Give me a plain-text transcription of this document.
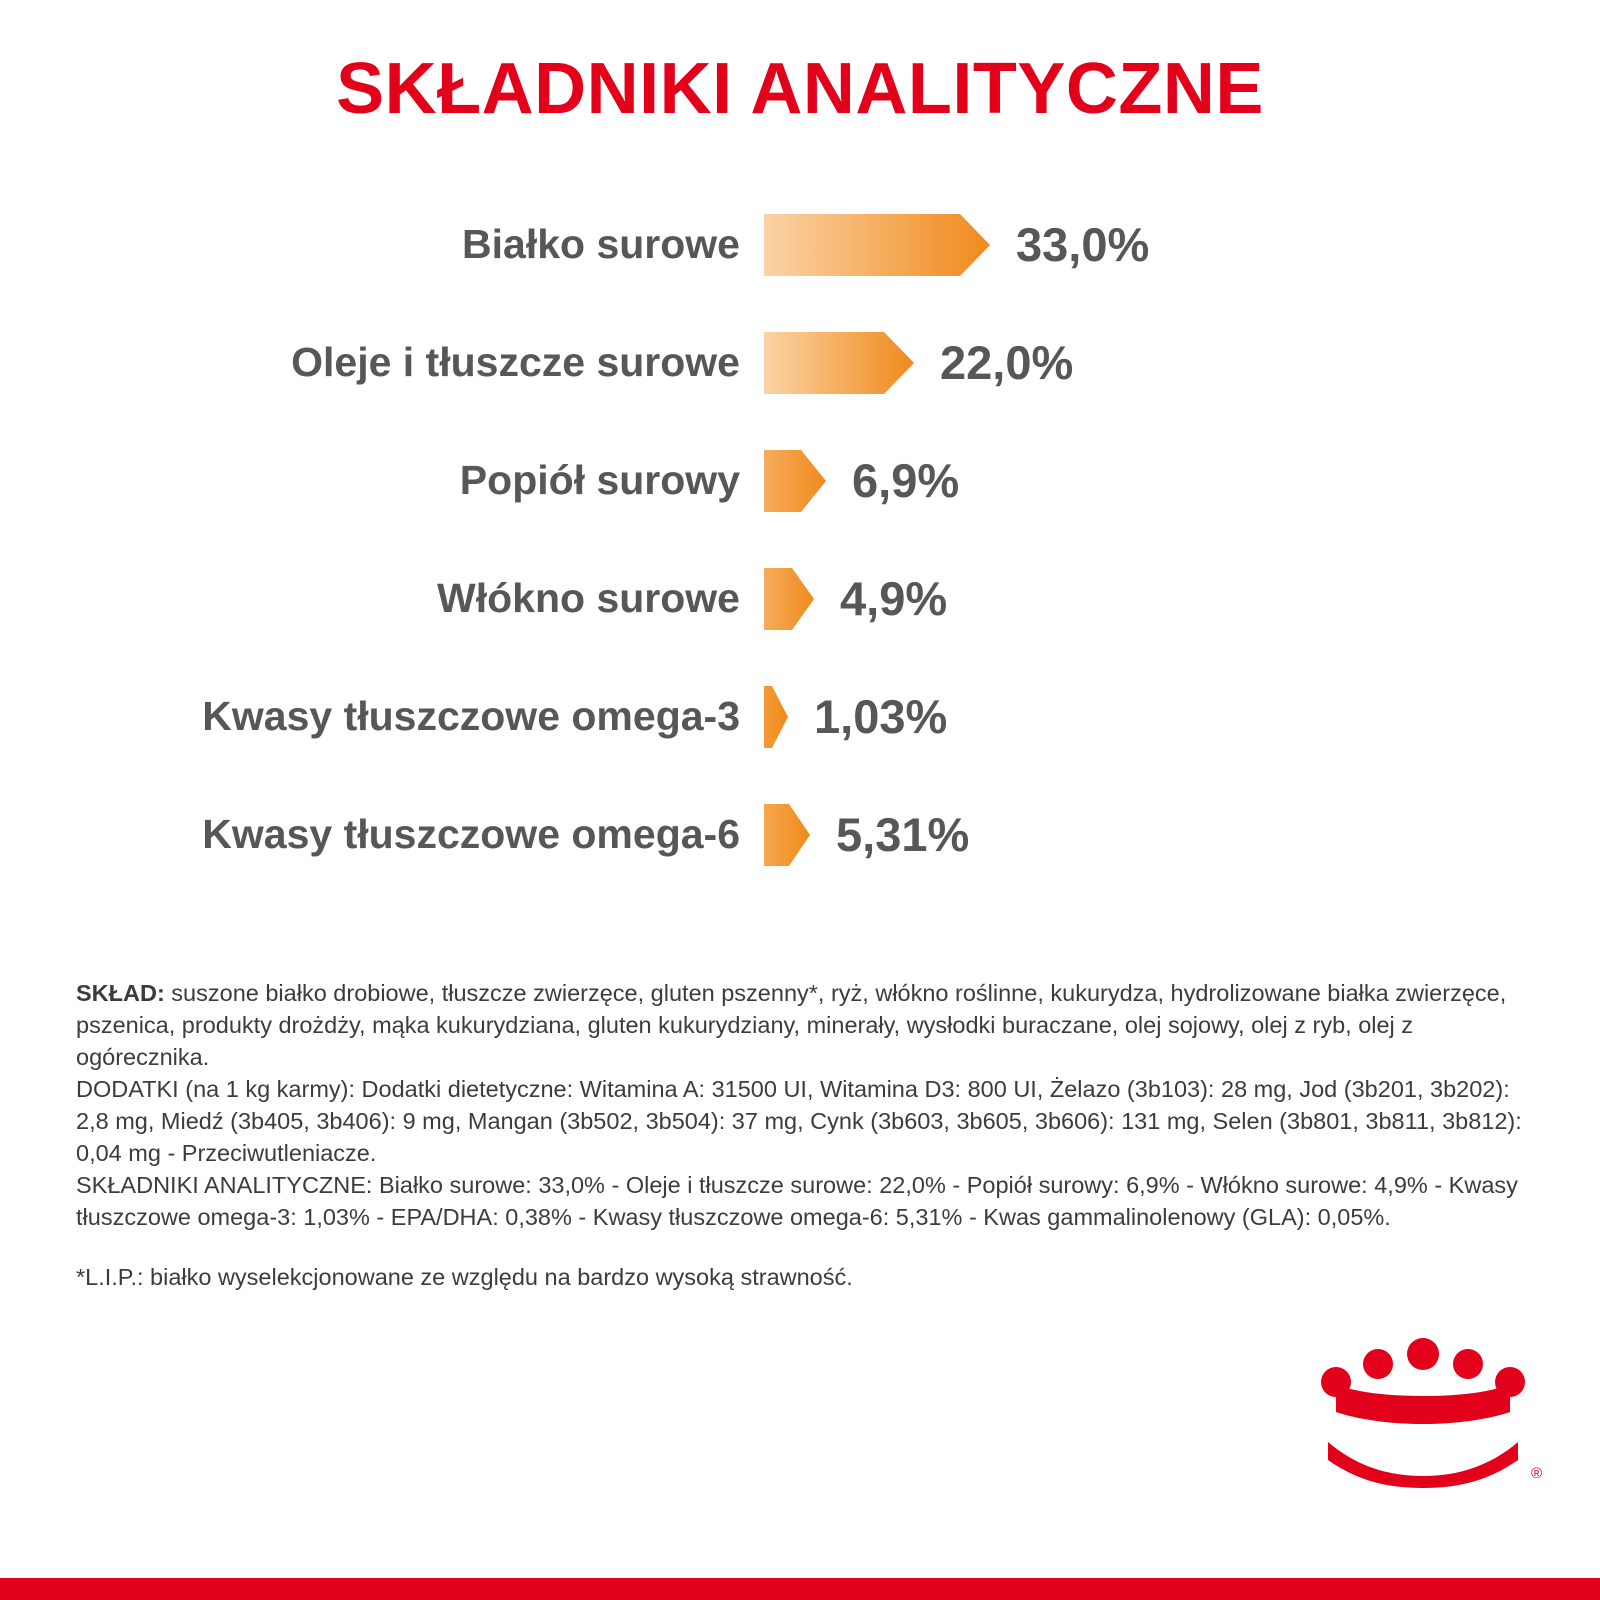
SKŁADNIKI ANALITYCZNE
Białko surowe	33,0%
Oleje i tłuszcze surowe	22,0%
Popiół surowy	6,9%
Włókno surowe	4,9%
Kwasy tłuszczowe omega-3	1,03%
Kwasy tłuszczowe omega-6	5,31%

SKŁAD: suszone białko drobiowe, tłuszcze zwierzęce, gluten pszenny*, ryż, włókno roślinne, kukurydza, hydrolizowane białka zwierzęce, pszenica, produkty drożdży, mąka kukurydziana, gluten kukurydziany, minerały, wysłodki buraczane, olej sojowy, olej z ryb, olej z ogórecznika.

DODATKI (na 1 kg karmy): Dodatki dietetyczne: Witamina A: 31500 UI, Witamina D3: 800 UI, Żelazo (3b103): 28 mg, Jod (3b201, 3b202): 2,8 mg, Miedź (3b405, 3b406): 9 mg, Mangan (3b502, 3b504): 37 mg, Cynk (3b603, 3b605, 3b606): 131 mg, Selen (3b801, 3b811, 3b812): 0,04 mg - Przeciwutleniacze.

SKŁADNIKI ANALITYCZNE: Białko surowe: 33,0% - Oleje i tłuszcze surowe: 22,0% - Popiół surowy: 6,9% - Włókno surowe: 4,9% - Kwasy tłuszczowe omega-3: 1,03% - EPA/DHA: 0,38% - Kwasy tłuszczowe omega-6: 5,31% - Kwas gammalinolenowy (GLA): 0,05%.

*L.I.P.: białko wyselekcjonowane ze względu na bardzo wysoką strawność.

®
